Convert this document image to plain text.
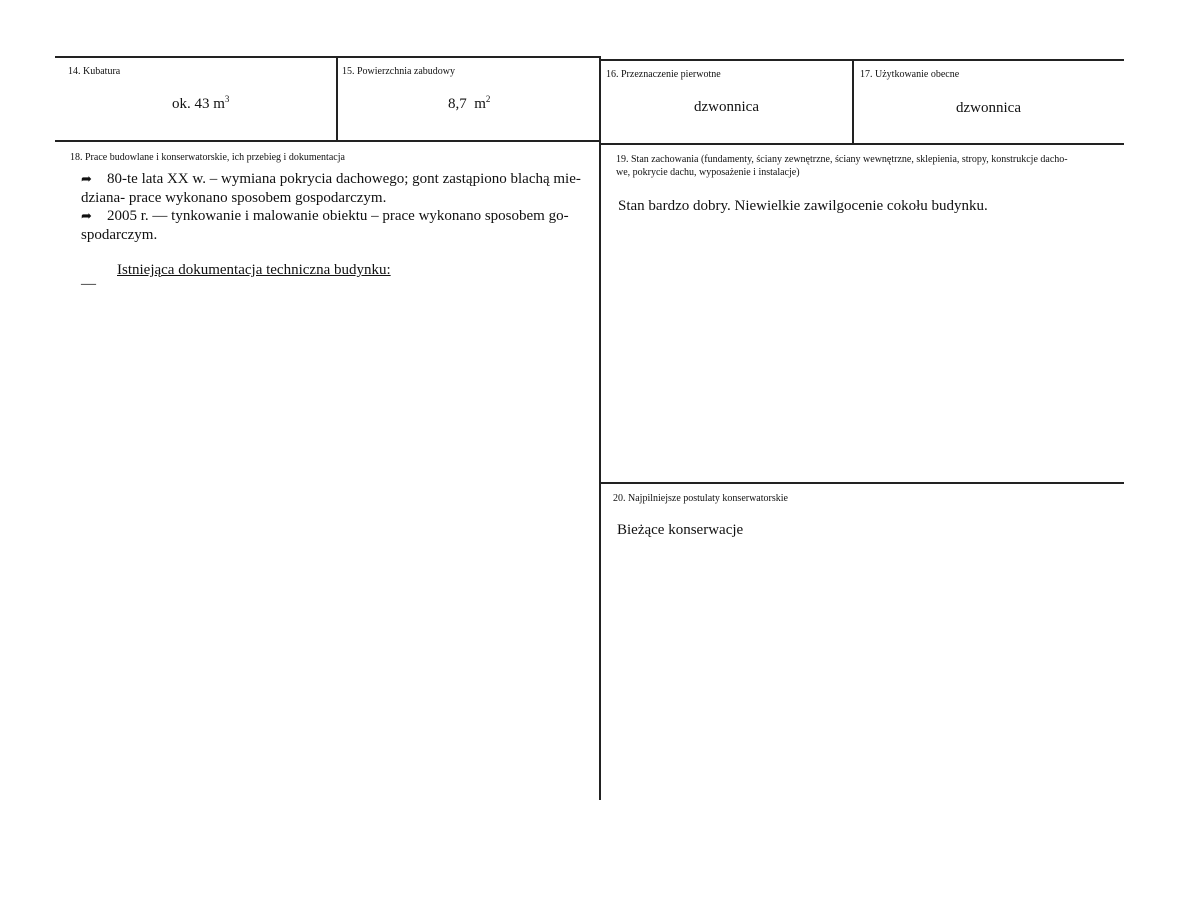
14. Kubatura
ok. 43 $m^3$
15. Powierzchnia zabudowy
8,7  $m^2$
16. Przeznaczenie pierwotne
dzwonnica
17. Użytkowanie obecne
dzwonnica
18. Prace budowlane i konserwatorskie, ich przebieg i dokumentacja
➦ 80-te lata XX w. – wymiana pokrycia dachowego; gont zastąpiono blachą mie-
dziana- prace wykonano sposobem gospodarczym.
➦ 2005 r. — tynkowanie i malowanie obiektu – prace wykonano sposobem go-
spodarczym.
Istniejąca dokumentacja techniczna budynku:
—
19. Stan zachowania (fundamenty, ściany zewnętrzne, ściany wewnętrzne, sklepienia, stropy, konstrukcje dacho-
we, pokrycie dachu, wyposażenie i instalacje)
Stan bardzo dobry. Niewielkie zawilgocenie cokołu budynku.
20. Najpilniejsze postulaty konserwatorskie
Bieżące konserwacje
